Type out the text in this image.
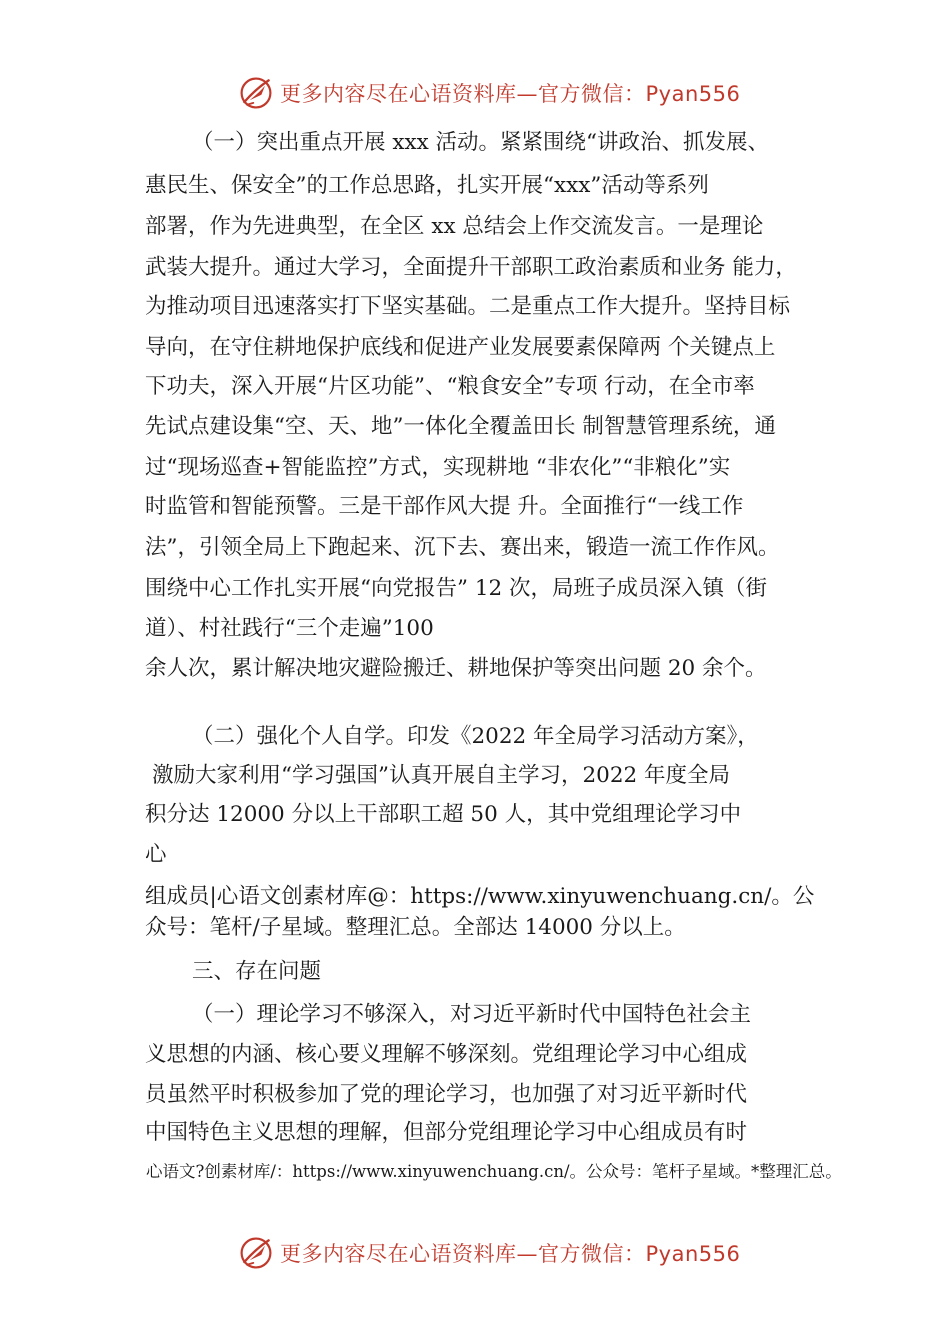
更多内容尽在心语资料库—官方微信：Pyan556
（一）突出重点开展 xxx 活动。紧紧围绕“讲政治、抓发展、
惠民生、保安全”的工作总思路，扎实开展“xxx”活动等系列
部署，作为先进典型，在全区 xx 总结会上作交流发言。一是理论
武装大提升。通过大学习，全面提升干部职工政治素质和业务 能力，
为推动项目迅速落实打下坚实基础。二是重点工作大提升。坚持目标
导向，在守住耕地保护底线和促进产业发展要素保障两 个关键点上
下功夫，深入开展“片区功能”、“粮食安全”专项 行动，在全市率
先试点建设集“空、天、地”一体化全覆盖田长 制智慧管理系统，通
过“现场巡查+智能监控”方式，实现耕地 “非农化”“非粮化”实
时监管和智能预警。三是干部作风大提 升。全面推行“一线工作
法”，引领全局上下跑起来、沉下去、赛出来，锻造一流工作作风。
围绕中心工作扎实开展“向党报告” 12 次，局班子成员深入镇（街
道）、村社践行“三个走遍”100
余人次，累计解决地灾避险搬迁、耕地保护等突出问题 20 余个。
（二）强化个人自学。印发《2022 年全局学习活动方案》，
激励大家利用“学习强国”认真开展自主学习，2022 年度全局
积分达 12000 分以上干部职工超 50 人，其中党组理论学习中
心
组成员|心语文创素材库@：https://www.xinyuwenchuang.cn/。公
众号：笔杆/子星域。整理汇总。全部达 14000 分以上。
三、存在问题
（一）理论学习不够深入，对习近平新时代中国特色社会主
义思想的内涵、核心要义理解不够深刻。党组理论学习中心组成
员虽然平时积极参加了党的理论学习，也加强了对习近平新时代
中国特色主义思想的理解，但部分党组理论学习中心组成员有时
心语文?创素材库/：https://www.xinyuwenchuang.cn/。公众号：笔杆子星域。*整理汇总。
更多内容尽在心语资料库—官方微信：Pyan556
